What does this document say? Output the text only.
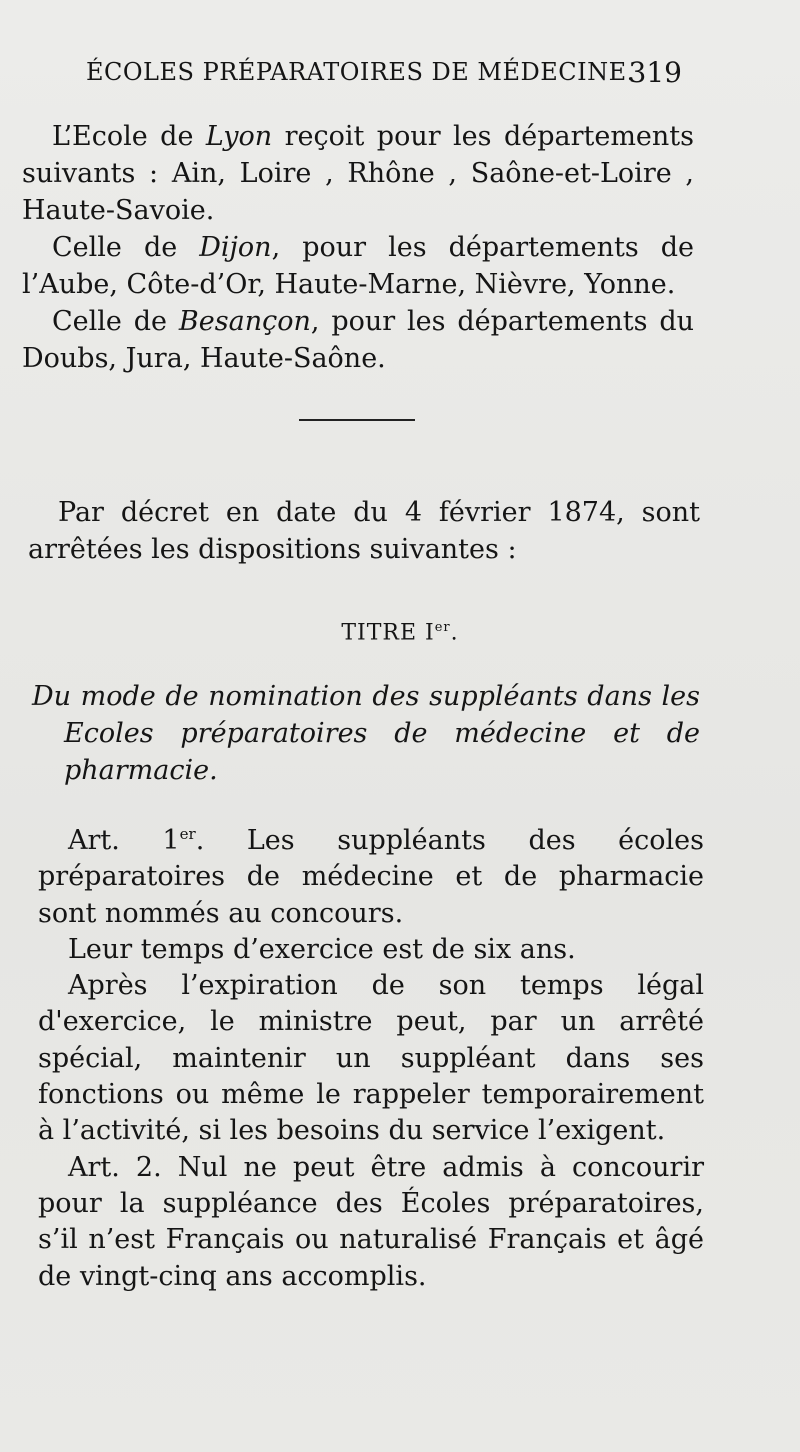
ÉCOLES PRÉPARATOIRES DE MÉDECINE.
319

L’Ecole de Lyon reçoit pour les départements suivants : Ain, Loire , Rhône , Saône-et-Loire , Haute-Savoie.

Celle de Dijon, pour les départements de l’Aube, Côte-d’Or, Haute-Marne, Nièvre, Yonne.

Celle de Besançon, pour les départements du Doubs, Jura, Haute-Saône.

Par décret en date du 4 février 1874, sont arrêtées les dispositions suivantes :

TITRE Ier.

Du mode de nomination des suppléants dans les Ecoles préparatoires de médecine et de pharmacie.

Art. 1er. Les suppléants des écoles préparatoires de médecine et de pharmacie sont nommés au concours.

Leur temps d’exercice est de six ans.

Après l’expiration de son temps légal d'exercice, le ministre peut, par un arrêté spécial, maintenir un suppléant dans ses fonctions ou même le rappeler temporairement à l’activité, si les besoins du service l’exigent.

Art. 2. Nul ne peut être admis à concourir pour la suppléance des Écoles préparatoires, s’il n’est Français ou naturalisé Français et âgé de vingt-cinq ans accomplis.
